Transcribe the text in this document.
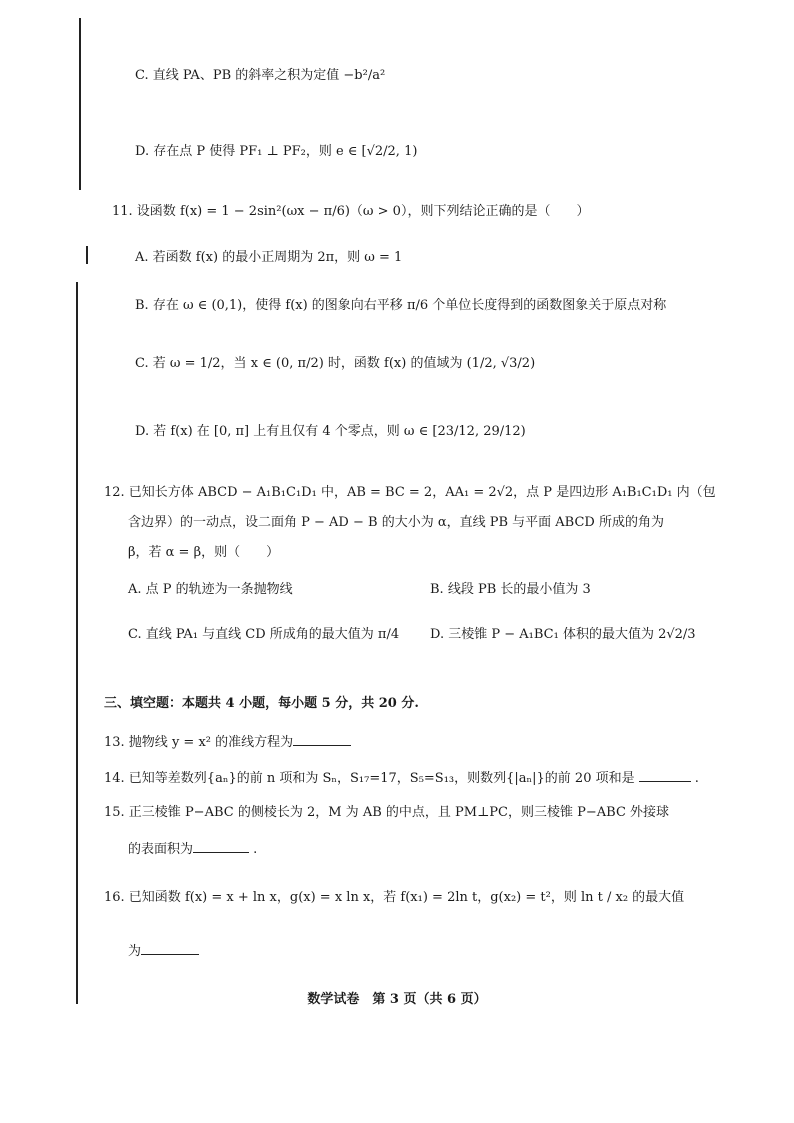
C. 直线 PA、PB 的斜率之积为定值 −b²/a²
D. 存在点 P 使得 PF₁ ⊥ PF₂，则 e ∈ [√2/2, 1)
11. 设函数 f(x) = 1 − 2sin²(ωx − π/6)（ω > 0），则下列结论正确的是（　　）
A. 若函数 f(x) 的最小正周期为 2π，则 ω = 1
B. 存在 ω ∈ (0,1)，使得 f(x) 的图象向右平移 π/6 个单位长度得到的函数图象关于原点对称
C. 若 ω = 1/2，当 x ∈ (0, π/2) 时，函数 f(x) 的值域为 (1/2, √3/2)
D. 若 f(x) 在 [0, π] 上有且仅有 4 个零点，则 ω ∈ [23/12, 29/12)
12. 已知长方体 ABCD − A₁B₁C₁D₁ 中，AB = BC = 2，AA₁ = 2√2，点 P 是四边形 A₁B₁C₁D₁ 内（包
含边界）的一动点，设二面角 P − AD − B 的大小为 α，直线 PB 与平面 ABCD 所成的角为
β，若 α = β，则（　　）
A. 点 P 的轨迹为一条抛物线	B. 线段 PB 长的最小值为 3
C. 直线 PA₁ 与直线 CD 所成角的最大值为 π/4 D. 三棱锥 P − A₁BC₁ 体积的最大值为 2√2/3
三、填空题：本题共 4 小题，每小题 5 分，共 20 分.
13. 抛物线 y = x² 的准线方程为
14. 已知等差数列{aₙ}的前 n 项和为 Sₙ，S₁₇=17，S₅=S₁₃，则数列{|aₙ|}的前 20 项和是	.
15. 正三棱锥 P−ABC 的侧棱长为 2，M 为 AB 的中点，且 PM⊥PC，则三棱锥 P−ABC 外接球
的表面积为	.
16. 已知函数 f(x) = x + ln x，g(x) = x ln x，若 f(x₁) = 2ln t，g(x₂) = t²，则 ln t / x₂ 的最大值
为
数学试卷　第 3 页（共 6 页）
